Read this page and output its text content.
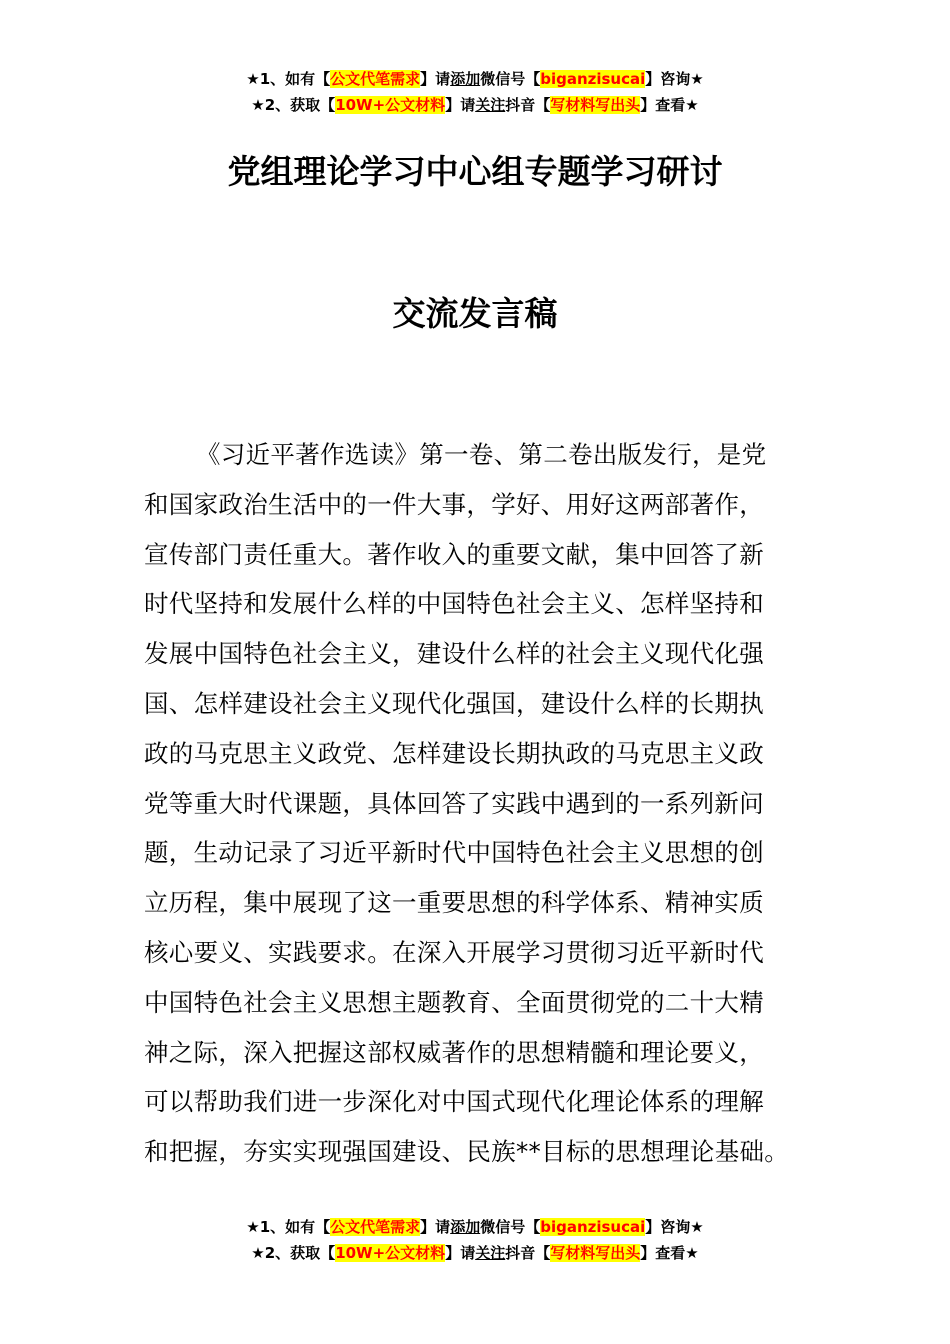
★1、如有【公文代笔需求】请添加微信号【biganzisucai】咨询★
★2、获取【10W+公文材料】请关注抖音【写材料写出头】查看★
党组理论学习中心组专题学习研讨
交流发言稿
《习近平著作选读》第一卷、第二卷出版发行，是党
和国家政治生活中的一件大事，学好、用好这两部著作，
宣传部门责任重大。著作收入的重要文献，集中回答了新
时代坚持和发展什么样的中国特色社会主义、怎样坚持和
发展中国特色社会主义，建设什么样的社会主义现代化强
国、怎样建设社会主义现代化强国，建设什么样的长期执
政的马克思主义政党、怎样建设长期执政的马克思主义政
党等重大时代课题，具体回答了实践中遇到的一系列新问
题，生动记录了习近平新时代中国特色社会主义思想的创
立历程，集中展现了这一重要思想的科学体系、精神实质
核心要义、实践要求。在深入开展学习贯彻习近平新时代
中国特色社会主义思想主题教育、全面贯彻党的二十大精
神之际，深入把握这部权威著作的思想精髓和理论要义，
可以帮助我们进一步深化对中国式现代化理论体系的理解
和把握，夯实实现强国建设、民族**目标的思想理论基础。
★1、如有【公文代笔需求】请添加微信号【biganzisucai】咨询★
★2、获取【10W+公文材料】请关注抖音【写材料写出头】查看★
